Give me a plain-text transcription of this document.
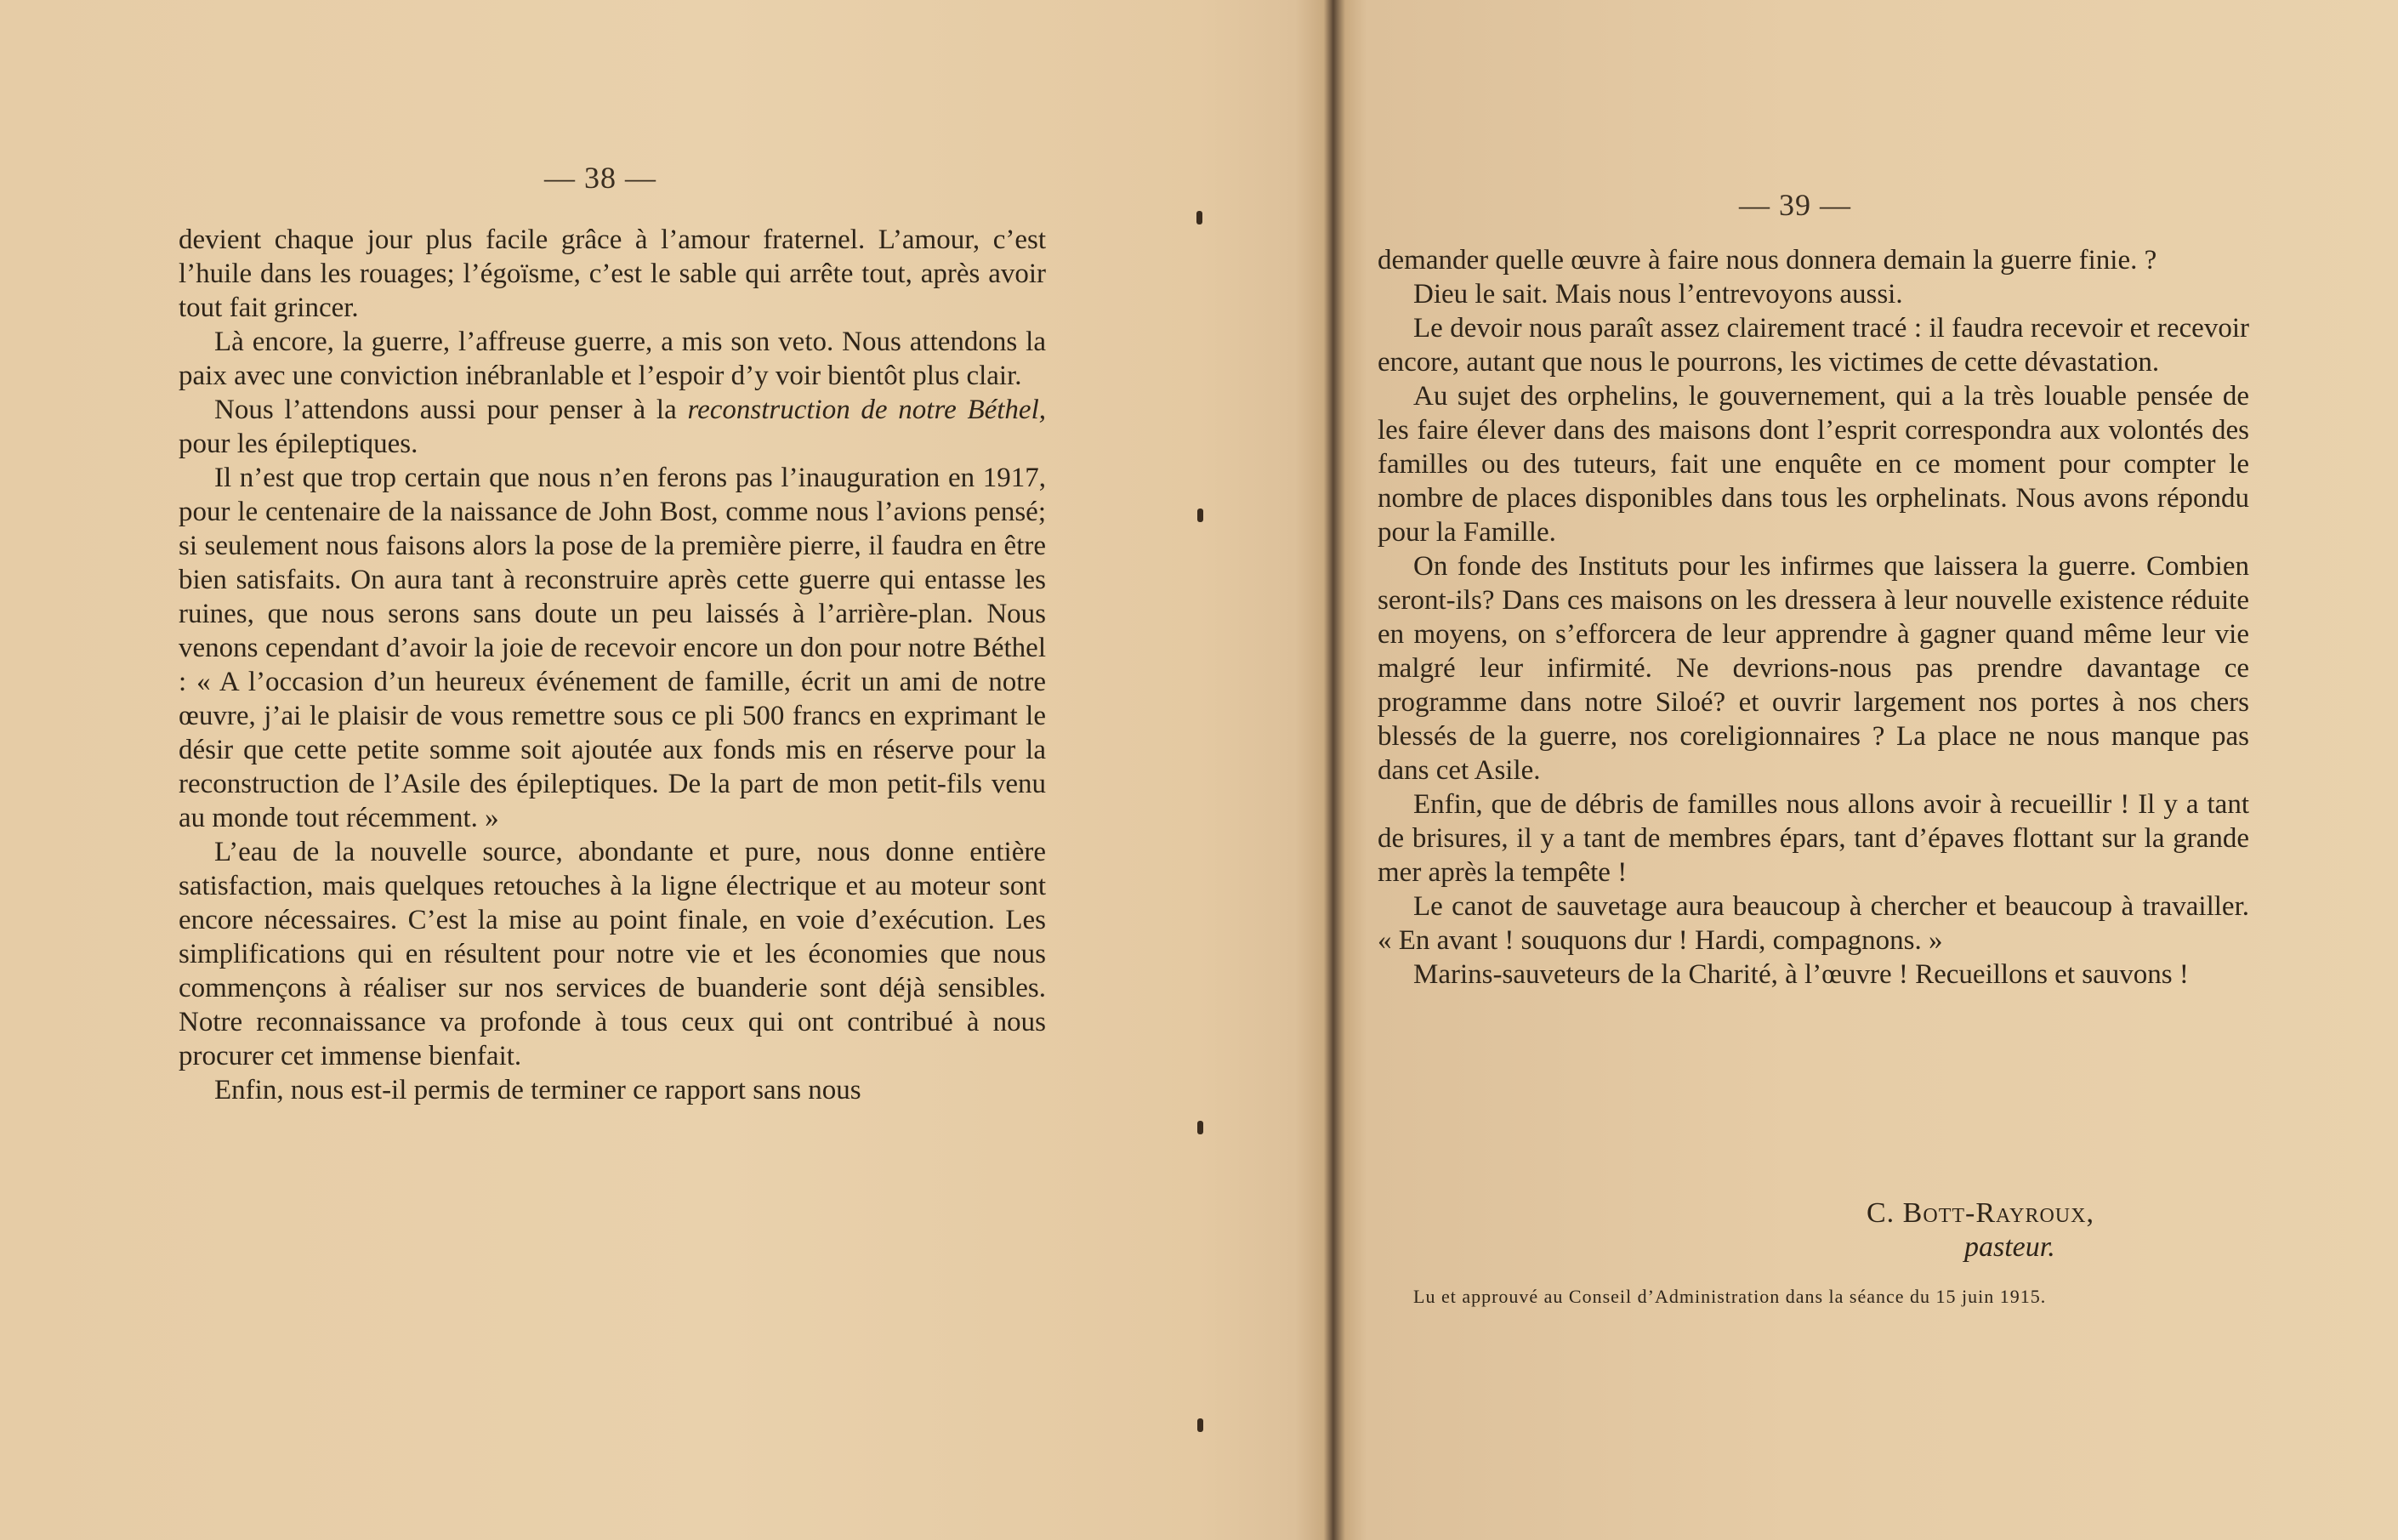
— 38 —

devient chaque jour plus facile grâce à l’amour fraternel. L’amour, c’est l’huile dans les rouages; l’égoïsme, c’est le sable qui arrête tout, après avoir tout fait grincer.

Là encore, la guerre, l’affreuse guerre, a mis son veto. Nous attendons la paix avec une conviction inébranlable et l’espoir d’y voir bientôt plus clair.

Nous l’attendons aussi pour penser à la reconstruction de notre Béthel, pour les épileptiques.

Il n’est que trop certain que nous n’en ferons pas l’inauguration en 1917, pour le centenaire de la naissance de John Bost, comme nous l’avions pensé; si seulement nous faisons alors la pose de la première pierre, il faudra en être bien satisfaits. On aura tant à reconstruire après cette guerre qui entasse les ruines, que nous serons sans doute un peu laissés à l’arrière-plan. Nous venons cependant d’avoir la joie de recevoir encore un don pour notre Béthel : « A l’occasion d’un heureux événement de famille, écrit un ami de notre œuvre, j’ai le plaisir de vous remettre sous ce pli 500 francs en exprimant le désir que cette petite somme soit ajoutée aux fonds mis en réserve pour la reconstruction de l’Asile des épileptiques. De la part de mon petit-fils venu au monde tout récemment. »

L’eau de la nouvelle source, abondante et pure, nous donne entière satisfaction, mais quelques retouches à la ligne électrique et au moteur sont encore nécessaires. C’est la mise au point finale, en voie d’exécution. Les simplifications qui en résultent pour notre vie et les économies que nous commençons à réaliser sur nos services de buanderie sont déjà sensibles. Notre reconnaissance va profonde à tous ceux qui ont contribué à nous procurer cet immense bienfait.

Enfin, nous est-il permis de terminer ce rapport sans nous

— 39 —

demander quelle œuvre à faire nous donnera demain la guerre finie. ?

Dieu le sait. Mais nous l’entrevoyons aussi.

Le devoir nous paraît assez clairement tracé : il faudra recevoir et recevoir encore, autant que nous le pourrons, les victimes de cette dévastation.

Au sujet des orphelins, le gouvernement, qui a la très louable pensée de les faire élever dans des maisons dont l’esprit correspondra aux volontés des familles ou des tuteurs, fait une enquête en ce moment pour compter le nombre de places disponibles dans tous les orphelinats. Nous avons répondu pour la Famille.

On fonde des Instituts pour les infirmes que laissera la guerre. Combien seront-ils? Dans ces maisons on les dressera à leur nouvelle existence réduite en moyens, on s’efforcera de leur apprendre à gagner quand même leur vie malgré leur infirmité. Ne devrions-nous pas prendre davantage ce programme dans notre Siloé? et ouvrir largement nos portes à nos chers blessés de la guerre, nos coreligionnaires ? La place ne nous manque pas dans cet Asile.

Enfin, que de débris de familles nous allons avoir à recueillir ! Il y a tant de brisures, il y a tant de membres épars, tant d’épaves flottant sur la grande mer après la tempête !

Le canot de sauvetage aura beaucoup à chercher et beaucoup à travailler. « En avant ! souquons dur ! Hardi, compagnons. »

Marins-sauveteurs de la Charité, à l’œuvre ! Recueillons et sauvons !

C. Bott-Rayroux,
pasteur.
Lu et approuvé au Conseil d’Administration dans la séance du 15 juin 1915.
